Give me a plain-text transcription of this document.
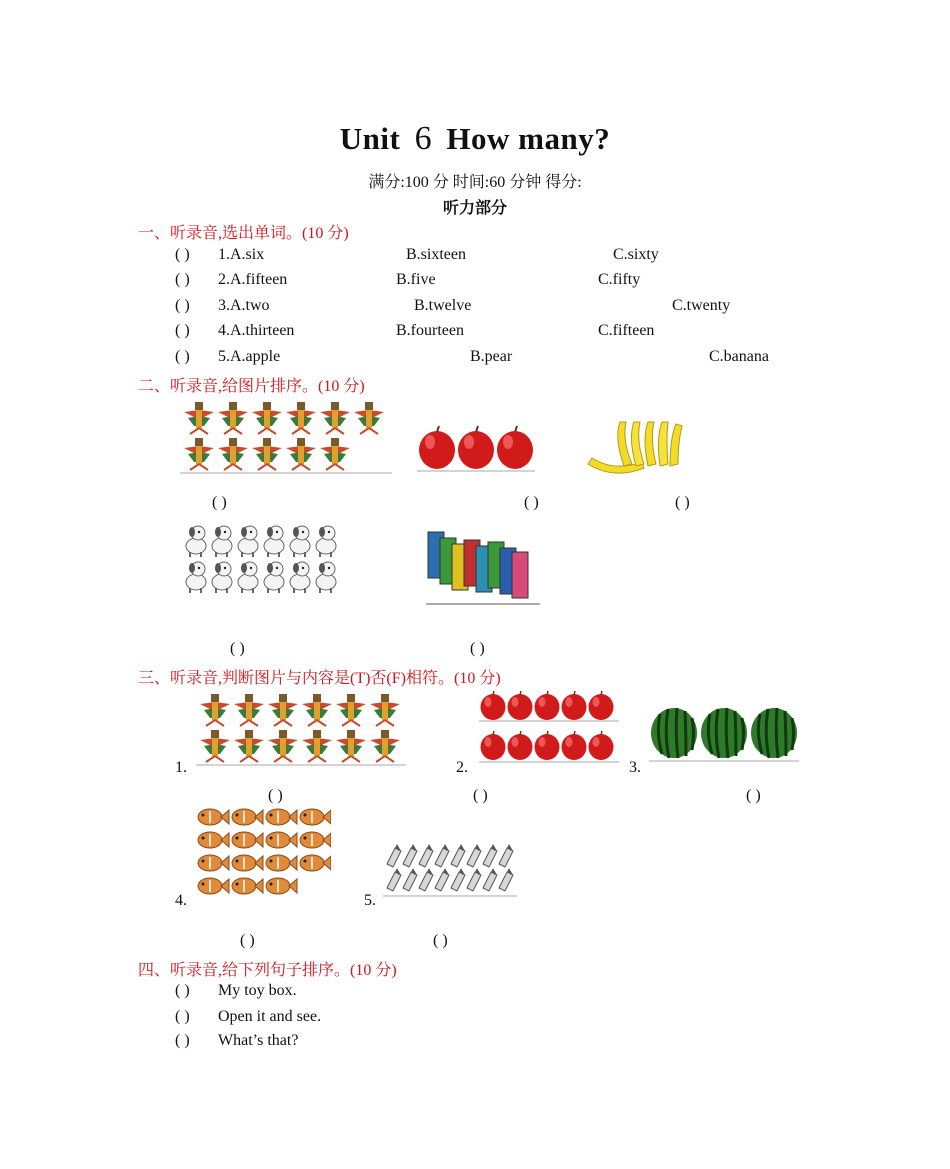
Unit 6 How many?
满分:100 分 时间:60 分钟 得分:
听力部分
一、听录音,选出单词。(10 分)
( ) 1.A.six	B.sixteen	C.sixty
( ) 2.A.fifteen	B.five	C.fifty
( ) 3.A.two	B.twelve	C.twenty
( ) 4.A.thirteen	B.fourteen	C.fifteen
( ) 5.A.apple	B.pear	C.banana
二、听录音,给图片排序。(10 分)
( )	( )	( )
( )	( )
三、听录音,判断图片与内容是(T)否(F)相符。(10 分)
1.	2.	3.
( )	( )	( )
4.	5.
( )	( )
四、听录音,给下列句子排序。(10 分)
( ) My toy box.
( ) Open it and see.
( ) What’s that?
